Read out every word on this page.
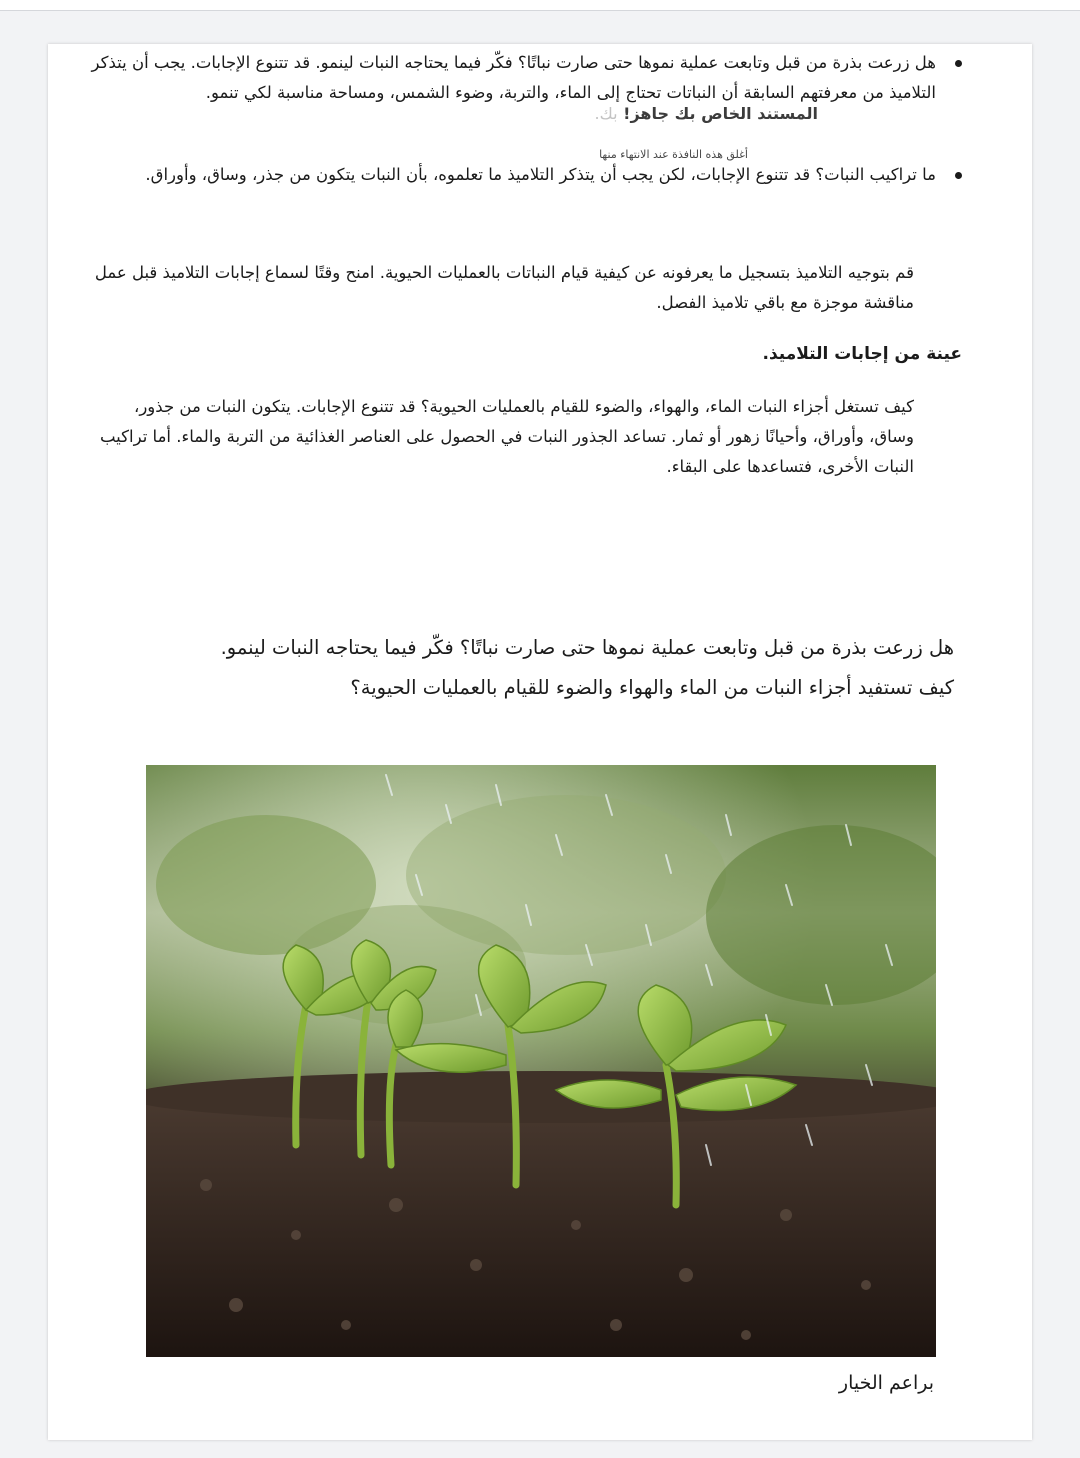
هل زرعت بذرة من قبل وتابعت عملية نموها حتى صارت نباتًا؟ فكّر فيما يحتاجه النبات لينمو. قد تتنوع الإجابات. يجب أن يتذكر التلاميذ من معرفتهم السابقة أن النباتات تحتاج إلى الماء، والتربة، وضوء الشمس، ومساحة مناسبة لكي تنمو.
المستند الخاص بك جاهز! بك.
أغلق هذه النافذة عند الانتهاء منها
ما تراكيب النبات؟ قد تتنوع الإجابات، لكن يجب أن يتذكر التلاميذ ما تعلموه، بأن النبات يتكون من جذر، وساق، وأوراق.
قم بتوجيه التلاميذ بتسجيل ما يعرفونه عن كيفية قيام النباتات بالعمليات الحيوية. امنح وقتًا لسماع إجابات التلاميذ قبل عمل مناقشة موجزة مع باقي تلاميذ الفصل.
عينة من إجابات التلاميذ.
كيف تستغل أجزاء النبات الماء، والهواء، والضوء للقيام بالعمليات الحيوية؟ قد تتنوع الإجابات. يتكون النبات من جذور، وساق، وأوراق، وأحيانًا زهور أو ثمار. تساعد الجذور النبات في الحصول على العناصر الغذائية من التربة والماء. أما تراكيب النبات الأخرى، فتساعدها على البقاء.
هل زرعت بذرة من قبل وتابعت عملية نموها حتى صارت نباتًا؟ فكّر فيما يحتاجه النبات لينمو.
كيف تستفيد أجزاء النبات من الماء والهواء والضوء للقيام بالعمليات الحيوية؟
براعم الخيار
